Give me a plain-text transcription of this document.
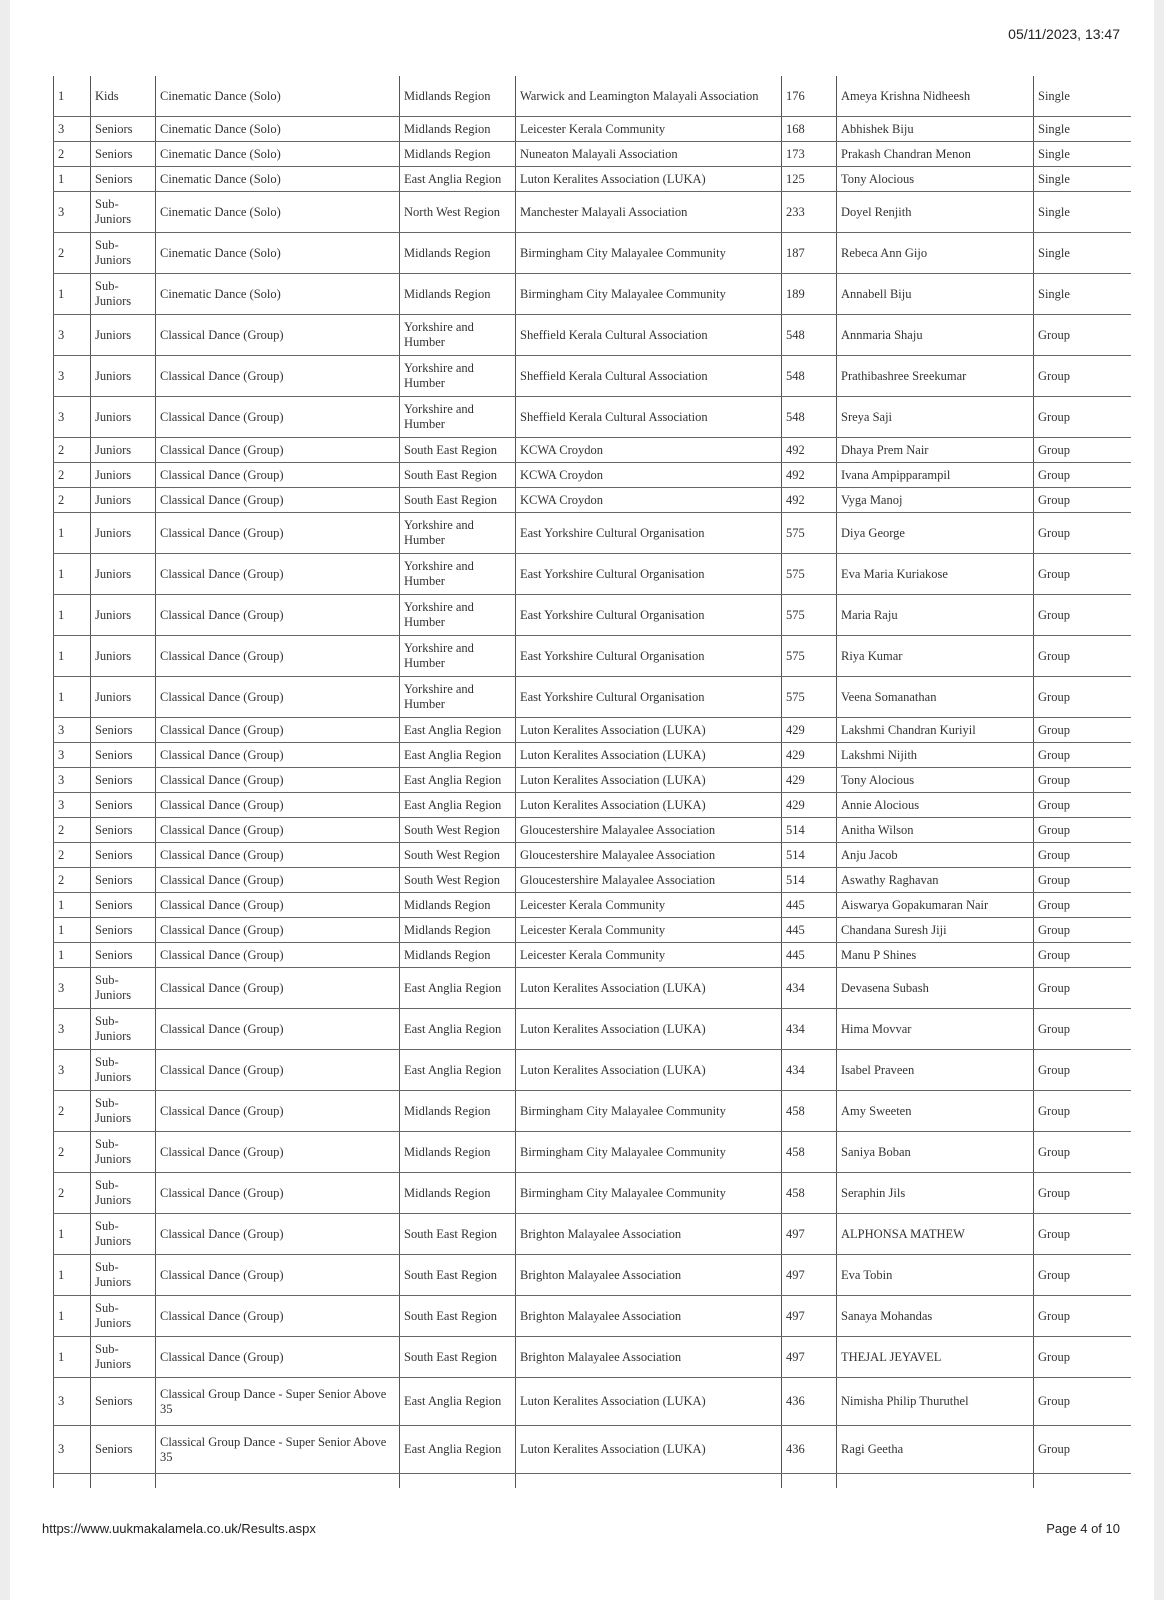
05/11/2023, 13:47
1	Kids	Cinematic Dance (Solo)	Midlands Region	Warwick and Leamington Malayali Association	176	Ameya Krishna Nidheesh	Single
3	Seniors	Cinematic Dance (Solo)	Midlands Region	Leicester Kerala Community	168	Abhishek Biju	Single
2	Seniors	Cinematic Dance (Solo)	Midlands Region	Nuneaton Malayali Association	173	Prakash Chandran Menon	Single
1	Seniors	Cinematic Dance (Solo)	East Anglia Region	Luton Keralites Association (LUKA)	125	Tony Alocious	Single
3	Sub-Juniors	Cinematic Dance (Solo)	North West Region	Manchester Malayali Association	233	Doyel Renjith	Single
2	Sub-Juniors	Cinematic Dance (Solo)	Midlands Region	Birmingham City Malayalee Community	187	Rebeca Ann Gijo	Single
1	Sub-Juniors	Cinematic Dance (Solo)	Midlands Region	Birmingham City Malayalee Community	189	Annabell Biju	Single
3	Juniors	Classical Dance (Group)	Yorkshire and Humber	Sheffield Kerala Cultural Association	548	Annmaria Shaju	Group
3	Juniors	Classical Dance (Group)	Yorkshire and Humber	Sheffield Kerala Cultural Association	548	Prathibashree Sreekumar	Group
3	Juniors	Classical Dance (Group)	Yorkshire and Humber	Sheffield Kerala Cultural Association	548	Sreya Saji	Group
2	Juniors	Classical Dance (Group)	South East Region	KCWA Croydon	492	Dhaya Prem Nair	Group
2	Juniors	Classical Dance (Group)	South East Region	KCWA Croydon	492	Ivana Ampipparampil	Group
2	Juniors	Classical Dance (Group)	South East Region	KCWA Croydon	492	Vyga Manoj	Group
1	Juniors	Classical Dance (Group)	Yorkshire and Humber	East Yorkshire Cultural Organisation	575	Diya George	Group
1	Juniors	Classical Dance (Group)	Yorkshire and Humber	East Yorkshire Cultural Organisation	575	Eva Maria Kuriakose	Group
1	Juniors	Classical Dance (Group)	Yorkshire and Humber	East Yorkshire Cultural Organisation	575	Maria Raju	Group
1	Juniors	Classical Dance (Group)	Yorkshire and Humber	East Yorkshire Cultural Organisation	575	Riya Kumar	Group
1	Juniors	Classical Dance (Group)	Yorkshire and Humber	East Yorkshire Cultural Organisation	575	Veena Somanathan	Group
3	Seniors	Classical Dance (Group)	East Anglia Region	Luton Keralites Association (LUKA)	429	Lakshmi Chandran Kuriyil	Group
3	Seniors	Classical Dance (Group)	East Anglia Region	Luton Keralites Association (LUKA)	429	Lakshmi Nijith	Group
3	Seniors	Classical Dance (Group)	East Anglia Region	Luton Keralites Association (LUKA)	429	Tony Alocious	Group
3	Seniors	Classical Dance (Group)	East Anglia Region	Luton Keralites Association (LUKA)	429	Annie Alocious	Group
2	Seniors	Classical Dance (Group)	South West Region	Gloucestershire Malayalee Association	514	Anitha Wilson	Group
2	Seniors	Classical Dance (Group)	South West Region	Gloucestershire Malayalee Association	514	Anju Jacob	Group
2	Seniors	Classical Dance (Group)	South West Region	Gloucestershire Malayalee Association	514	Aswathy Raghavan	Group
1	Seniors	Classical Dance (Group)	Midlands Region	Leicester Kerala Community	445	Aiswarya Gopakumaran Nair	Group
1	Seniors	Classical Dance (Group)	Midlands Region	Leicester Kerala Community	445	Chandana Suresh Jiji	Group
1	Seniors	Classical Dance (Group)	Midlands Region	Leicester Kerala Community	445	Manu P Shines	Group
3	Sub-Juniors	Classical Dance (Group)	East Anglia Region	Luton Keralites Association (LUKA)	434	Devasena Subash	Group
3	Sub-Juniors	Classical Dance (Group)	East Anglia Region	Luton Keralites Association (LUKA)	434	Hima Movvar	Group
3	Sub-Juniors	Classical Dance (Group)	East Anglia Region	Luton Keralites Association (LUKA)	434	Isabel Praveen	Group
2	Sub-Juniors	Classical Dance (Group)	Midlands Region	Birmingham City Malayalee Community	458	Amy Sweeten	Group
2	Sub-Juniors	Classical Dance (Group)	Midlands Region	Birmingham City Malayalee Community	458	Saniya Boban	Group
2	Sub-Juniors	Classical Dance (Group)	Midlands Region	Birmingham City Malayalee Community	458	Seraphin Jils	Group
1	Sub-Juniors	Classical Dance (Group)	South East Region	Brighton Malayalee Association	497	ALPHONSA MATHEW	Group
1	Sub-Juniors	Classical Dance (Group)	South East Region	Brighton Malayalee Association	497	Eva Tobin	Group
1	Sub-Juniors	Classical Dance (Group)	South East Region	Brighton Malayalee Association	497	Sanaya Mohandas	Group
1	Sub-Juniors	Classical Dance (Group)	South East Region	Brighton Malayalee Association	497	THEJAL JEYAVEL	Group
3	Seniors	Classical Group Dance - Super Senior Above 35	East Anglia Region	Luton Keralites Association (LUKA)	436	Nimisha Philip Thuruthel	Group
3	Seniors	Classical Group Dance - Super Senior Above 35	East Anglia Region	Luton Keralites Association (LUKA)	436	Ragi Geetha	Group

https://www.uukmakalamela.co.uk/Results.aspx	Page 4 of 10
